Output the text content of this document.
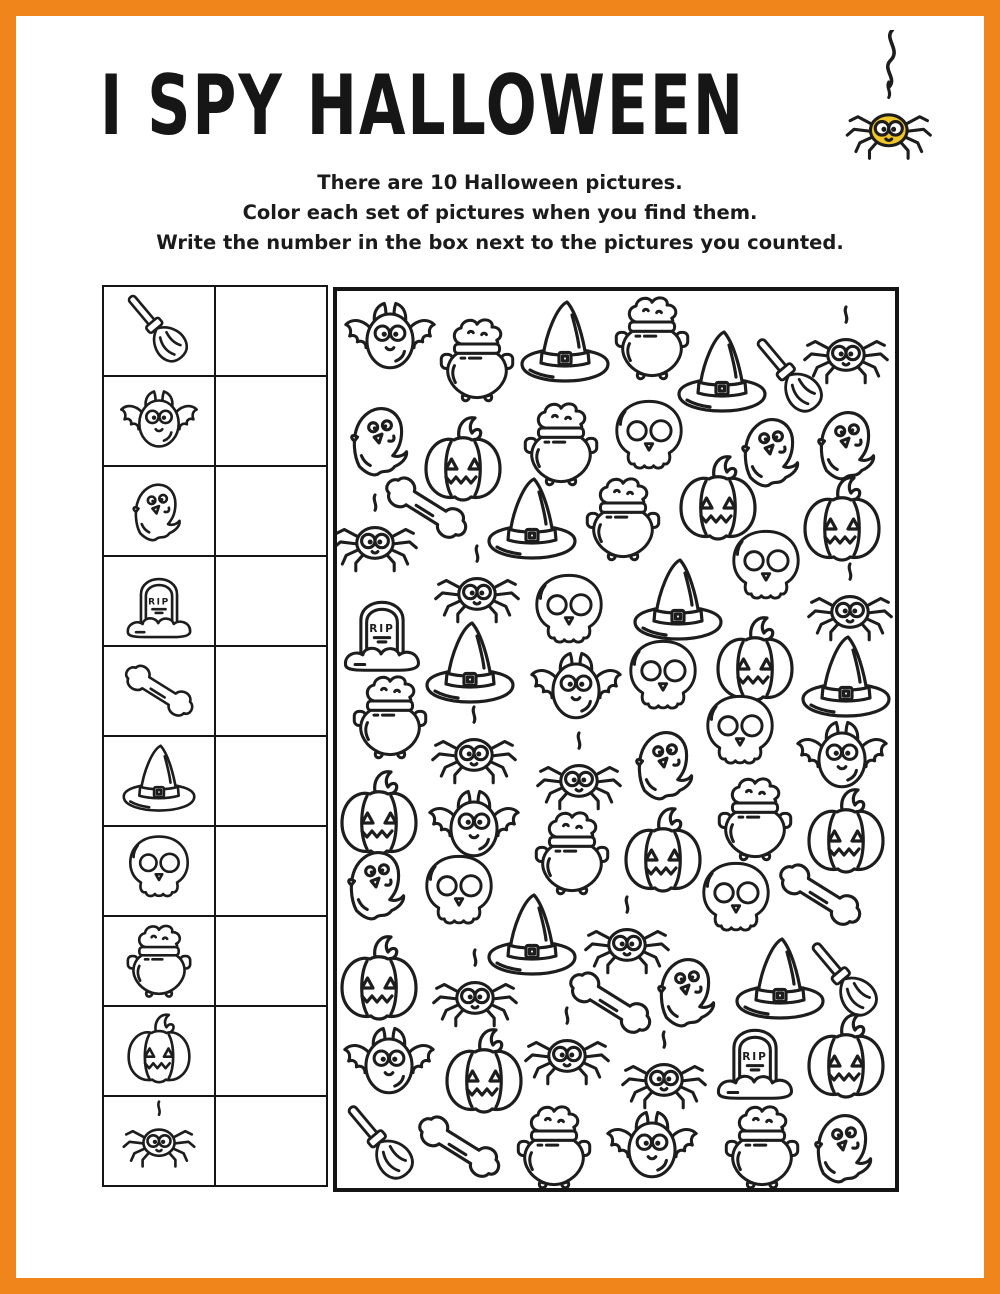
I SPY HALLOWEEN

There are 10 Halloween pictures.

Color each set of pictures when you find them.

Write the number in the box next to the pictures you counted.
